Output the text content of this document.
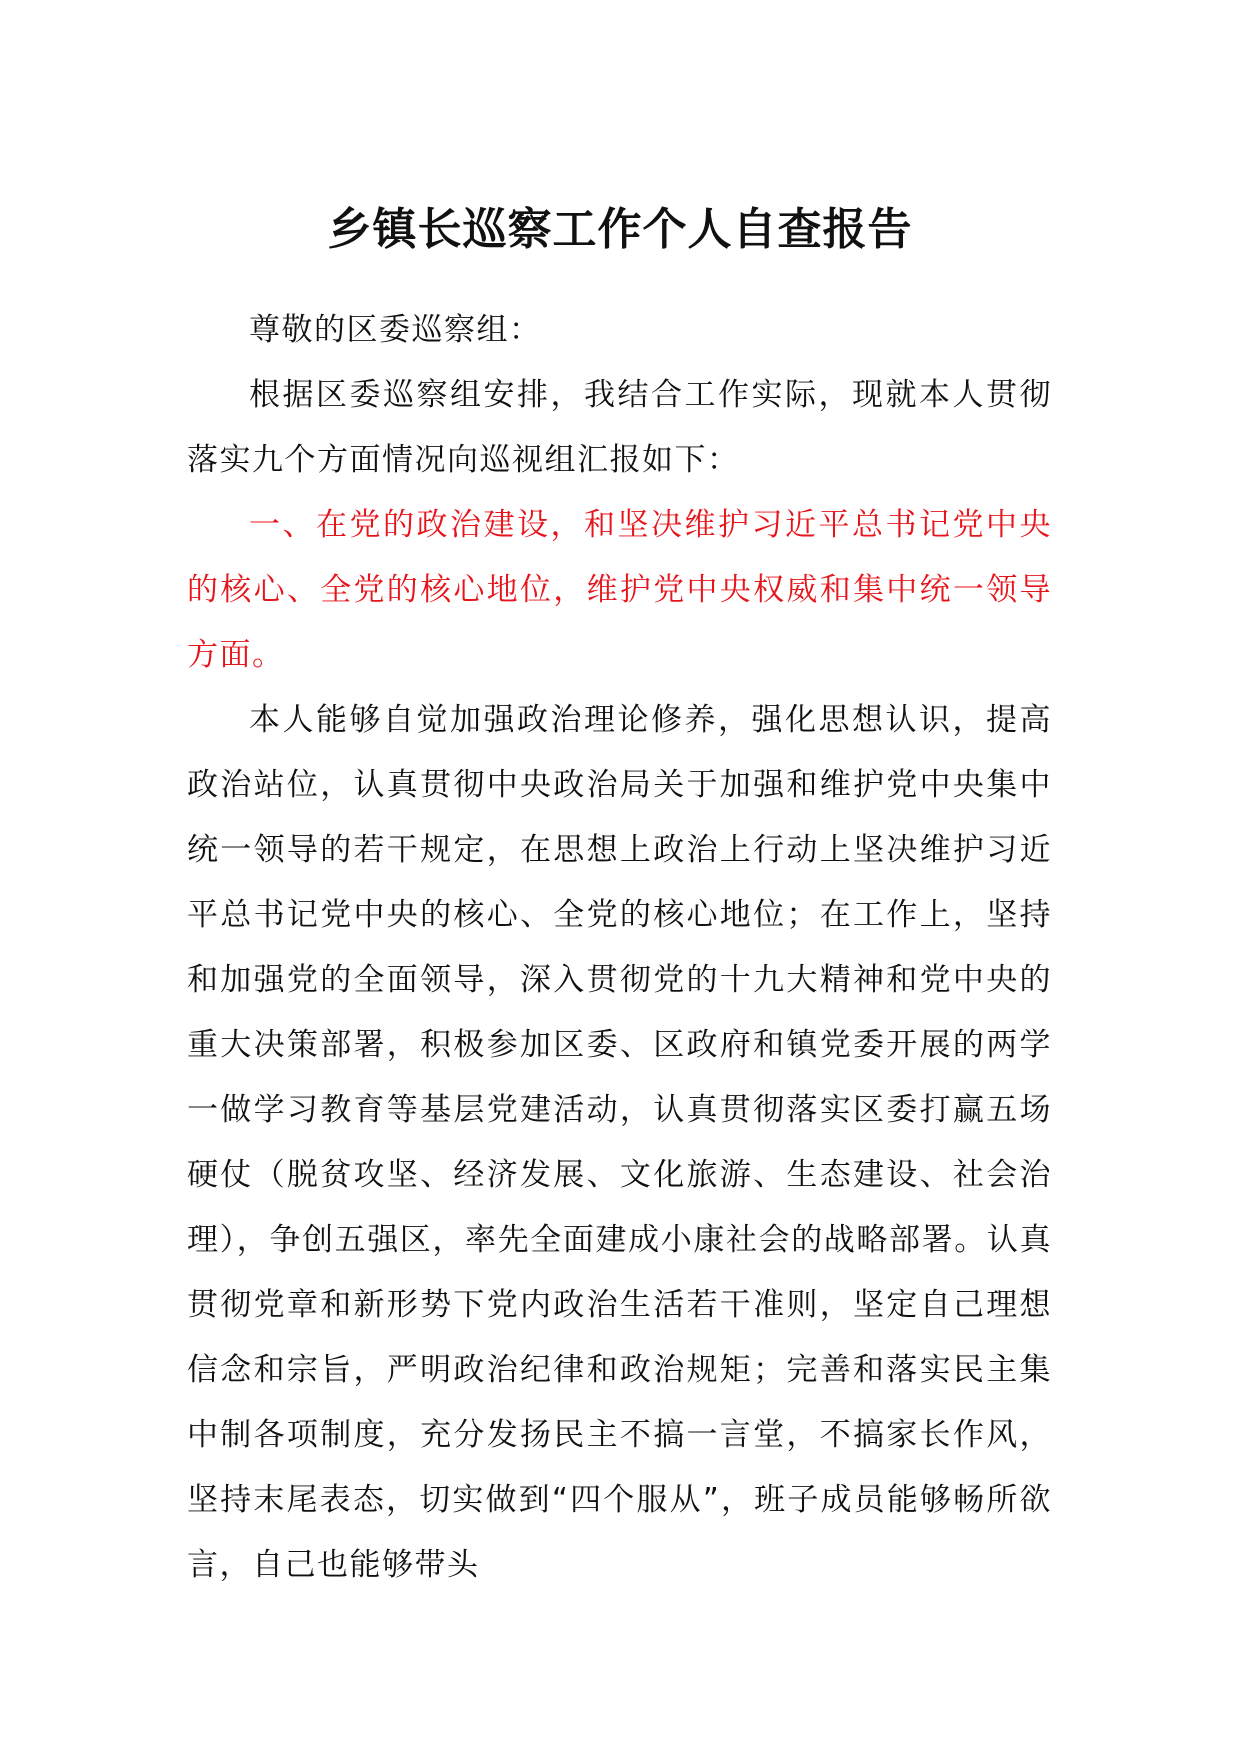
乡镇长巡察工作个人自查报告

尊敬的区委巡察组：

根据区委巡察组安排，我结合工作实际，现就本人贯彻落实九个方面情况向巡视组汇报如下：

一、在党的政治建设，和坚决维护习近平总书记党中央的核心、全党的核心地位，维护党中央权威和集中统一领导方面。

本人能够自觉加强政治理论修养，强化思想认识，提高政治站位，认真贯彻中央政治局关于加强和维护党中央集中统一领导的若干规定，在思想上政治上行动上坚决维护习近平总书记党中央的核心、全党的核心地位；在工作上，坚持和加强党的全面领导，深入贯彻党的十九大精神和党中央的重大决策部署，积极参加区委、区政府和镇党委开展的两学一做学习教育等基层党建活动，认真贯彻落实区委打赢五场硬仗（脱贫攻坚、经济发展、文化旅游、生态建设、社会治理），争创五强区，率先全面建成小康社会的战略部署。认真贯彻党章和新形势下党内政治生活若干准则，坚定自己理想信念和宗旨，严明政治纪律和政治规矩；完善和落实民主集中制各项制度，充分发扬民主不搞一言堂，不搞家长作风，坚持末尾表态，切实做到“四个服从”，班子成员能够畅所欲言，自己也能够带头
